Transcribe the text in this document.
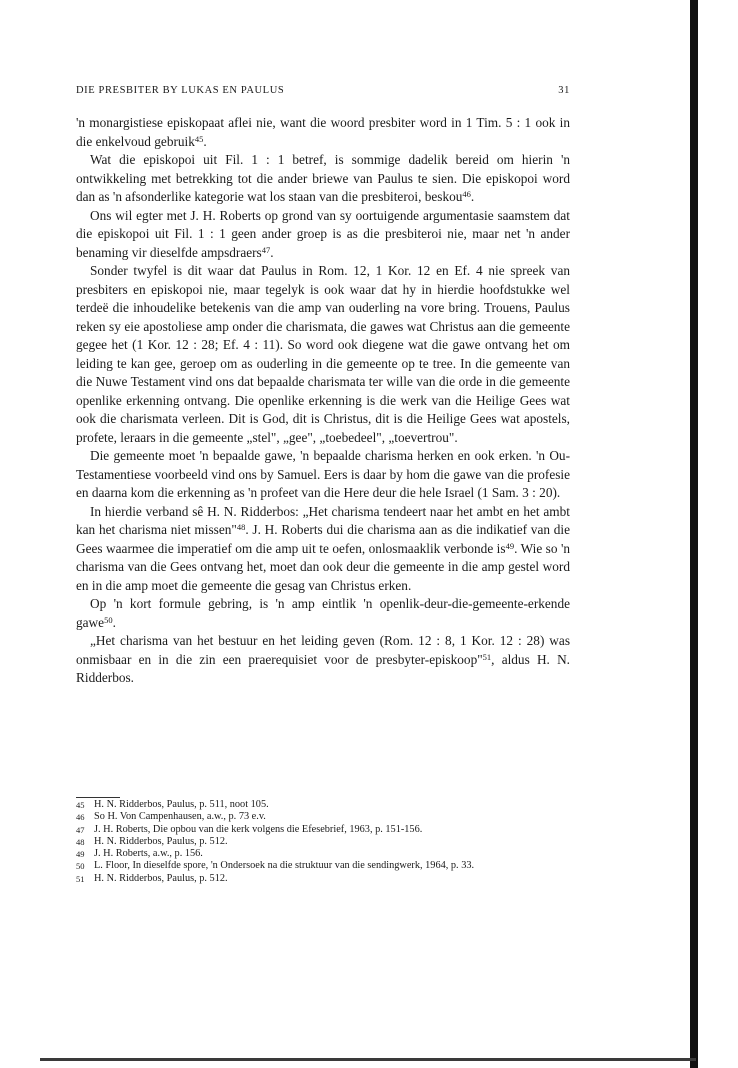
DIE PRESBITER BY LUKAS EN PAULUS	31

'n monargistiese episkopaat aflei nie, want die woord presbiter word in 1 Tim. 5 : 1 ook in die enkelvoud gebruik$^{45}$.

Wat die episkopoi uit Fil. 1 : 1 betref, is sommige dadelik bereid om hierin 'n ontwikkeling met betrekking tot die ander briewe van Paulus te sien. Die episkopoi word dan as 'n afsonderlike kategorie wat los staan van die presbiteroi, beskou$^{46}$.

Ons wil egter met J. H. Roberts op grond van sy oortuigende argumentasie saamstem dat die episkopoi uit Fil. 1 : 1 geen ander groep is as die presbiteroi nie, maar net 'n ander benaming vir dieselfde ampsdraers$^{47}$.

Sonder twyfel is dit waar dat Paulus in Rom. 12, 1 Kor. 12 en Ef. 4 nie spreek van presbiters en episkopoi nie, maar tegelyk is ook waar dat hy in hierdie hoofdstukke wel terdeë die inhoudelike betekenis van die amp van ouderling na vore bring. Trouens, Paulus reken sy eie apostoliese amp onder die charismata, die gawes wat Christus aan die gemeente gegee het (1 Kor. 12 : 28; Ef. 4 : 11). So word ook diegene wat die gawe ontvang het om leiding te kan gee, geroep om as ouderling in die gemeente op te tree. In die gemeente van die Nuwe Testament vind ons dat bepaalde charismata ter wille van die orde in die gemeente openlike erkenning ontvang. Die openlike erkenning is die werk van die Heilige Gees wat ook die charismata verleen. Dit is God, dit is Christus, dit is die Heilige Gees wat apostels, profete, leraars in die gemeente „stel", „gee", „toebedeel", „toevertrou".

Die gemeente moet 'n bepaalde gawe, 'n bepaalde charisma herken en ook erken. 'n Ou-Testamentiese voorbeeld vind ons by Samuel. Eers is daar by hom die gawe van die profesie en daarna kom die erkenning as 'n profeet van die Here deur die hele Israel (1 Sam. 3 : 20).

In hierdie verband sê H. N. Ridderbos: „Het charisma tendeert naar het ambt en het ambt kan het charisma niet missen"$^{48}$. J. H. Roberts dui die charisma aan as die indikatief van die Gees waarmee die imperatief om die amp uit te oefen, onlosmaaklik verbonde $is^{49}$. Wie so 'n charisma van die Gees ontvang het, moet dan ook deur die gemeente in die amp gestel word en in die amp moet die gemeente die gesag van Christus erken.

Op 'n kort formule gebring, is 'n amp eintlik 'n openlik-deur-die-gemeente-erkende gawe$^{50}$.

„Het charisma van het bestuur en het leiding geven (Rom. 12 : 8, 1 Kor. 12 : 28) was onmisbaar en in die zin een praerequisiet voor de presbyter-episkoop"$^{51}$, aldus H. N. Ridderbos.

45 H. N. Ridderbos, Paulus, p. 511, noot 105.
46 So H. Von Campenhausen, a.w., p. 73 e.v.
47 J. H. Roberts, Die opbou van die kerk volgens die Efesebrief, 1963, p. 151-156.
48 H. N. Ridderbos, Paulus, p. 512.
49 J. H. Roberts, a.w., p. 156.
50 L. Floor, In dieselfde spore, 'n Ondersoek na die struktuur van die sendingwerk, 1964, p. 33.
51 H. N. Ridderbos, Paulus, p. 512.
